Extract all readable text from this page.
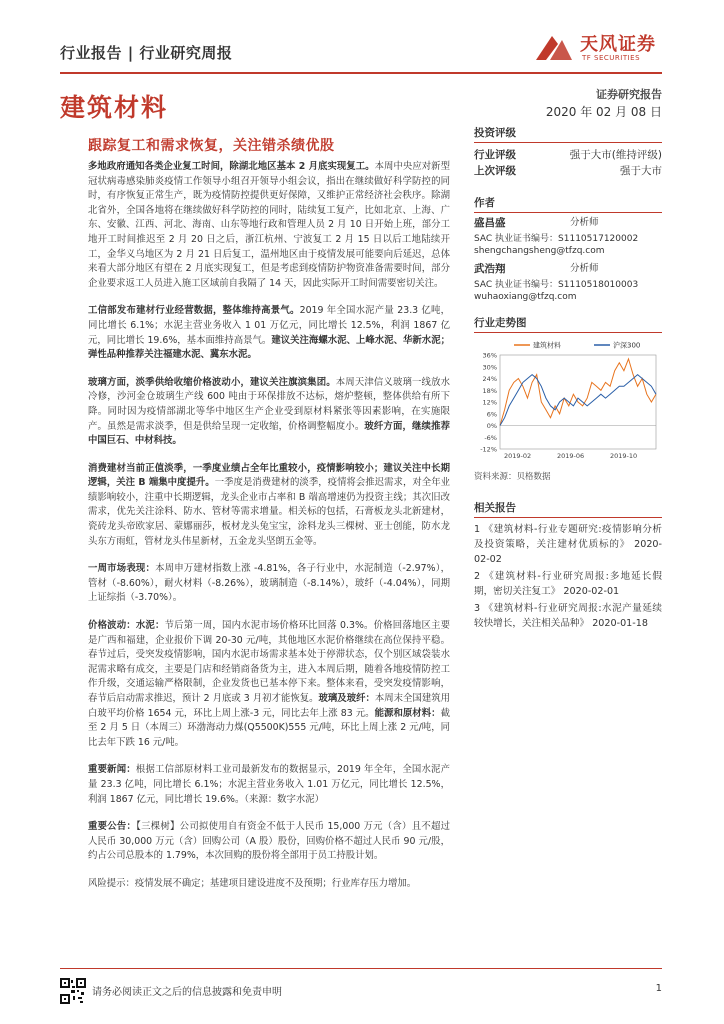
行业报告 | 行业研究周报	天风证券
TF SECURITIES
建筑材料	证券研究报告
2020 年 02 月 08 日
跟踪复工和需求恢复，关注错杀绩优股

多地政府通知各类企业复工时间，除湖北地区基本 2 月底实现复工。本周中央应对新型冠状病毒感染肺炎疫情工作领导小组召开领导小组会议，指出在继续做好科学防控的同时，有序恢复正常生产，既为疫情防控提供更好保障，又维护正常经济社会秩序。除湖北省外，全国各地将在继续做好科学防控的同时，陆续复工复产，比如北京、上海、广东、安徽、江西、河北、海南、山东等地行政和管理人员 2 月 10 日开始上班，部分工地开工时间推迟至 2 月 20 日之后，浙江杭州、宁波复工 2 月 15 日以后工地陆续开工，金华义乌地区为 2 月 21 日后复工，温州地区由于疫情发展可能要向后延迟，总体来看大部分地区有望在 2 月底实现复工，但是考虑到疫情防护物资准备需要时间，部分企业要求返工人员进入施工区域前自我隔了 14 天，因此实际开工时间需要密切关注。

工信部发布建材行业经营数据，整体维持高景气。2019 年全国水泥产量 23.3 亿吨，同比增长 6.1%；水泥主营业务收入 1 01 万亿元，同比增长 12.5%，利润 1867 亿元，同比增长 19.6%，基本面维持高景气。建议关注海螺水泥、上峰水泥、华新水泥；弹性品种推荐关注福建水泥、冀东水泥。

玻璃方面，淡季供给收缩价格波动小，建议关注旗滨集团。本周天津信义玻璃一线放水冷修，沙河金仓玻璃生产线 600 吨由于环保排放不达标，熔炉整顿，整体供给有所下降。同时因为疫情部湖北等华中地区生产企业受到原材料紧张等因素影响，在实施限产。虽然是需求淡季，但是供给呈现一定收缩，价格调整幅度小。玻纤方面，继续推荐中国巨石、中材科技。

消费建材当前正值淡季，一季度业绩占全年比重较小，疫情影响较小；建议关注中长期逻辑，关注 B 端集中度提升。一季度是消费建材的淡季，疫情将会推迟需求，对全年业绩影响较小，注重中长期逻辑，龙头企业市占率和 B 端高增速仍为投资主线；其次旧改需求，优先关注涂料、防水、管材等需求增量。相关标的包括，石膏板龙头北新建材，瓷砖龙头帝欧家居、蒙娜丽莎，板材龙头兔宝宝，涂料龙头三棵树、亚士创能，防水龙头东方雨虹，管材龙头伟星新材，五金龙头坚朗五金等。

一周市场表现：本周申万建材指数上涨 -4.81%，各子行业中，水泥制造（-2.97%），管材（-8.60%），耐火材料（-8.26%），玻璃制造（-8.14%），玻纤（-4.04%），同期上证综指（-3.70%）。

价格波动：水泥：节后第一周，国内水泥市场价格环比回落 0.3%。价格回落地区主要是广西和福建，企业报价下调 20-30 元/吨，其他地区水泥价格继续在高位保持平稳。春节过后，受突发疫情影响，国内水泥市场需求基本处于停滞状态，仅个别区域袋装水泥需求略有成交，主要是门店和经销商备货为主，进入本周后期，随着各地疫情防控工作升级，交通运输严格限制，企业发货也已基本停下来。整体来看，受突发疫情影响，春节后启动需求推迟，预计 2 月底或 3 月初才能恢复。玻璃及玻纤：本周末全国建筑用白玻平均价格 1654 元，环比上周上涨-3 元，同比去年上涨 83 元。能源和原材料：截至 2 月 5 日（本周三）环渤海动力煤(Q5500K)555 元/吨，环比上周上涨 2 元/吨，同比去年下跌 16 元/吨。

重要新闻：根据工信部原材料工业司最新发布的数据显示，2019 年全年，全国水泥产量 23.3 亿吨，同比增长 6.1%；水泥主营业务收入 1.01 万亿元，同比增长 12.5%，利润 1867 亿元，同比增长 19.6%。（来源：数字水泥）

重要公告：【三棵树】公司拟使用自有资金不低于人民币 15,000 万元（含）且不超过人民币 30,000 万元（含）回购公司（A 股）股份，回购价格不超过人民币 90 元/股，约占公司总股本的 1.79%，本次回购的股份将全部用于员工持股计划。

风险提示：疫情发展不确定；基建项目建设进度不及预期；行业库存压力增加。

投资评级
行业评级	强于大市(维持评级)
上次评级	强于大市
作者
盛昌盛	分析师
SAC 执业证书编号：S1110517120002
shengchangsheng@tfzq.com
武浩翔	分析师
SAC 执业证书编号：S1110518010003
wuhaoxiang@tfzq.com
行业走势图
36%
30%
24%
18%
12%
6%
0%
-6%
-12%
2019-02	2019-06	2019-10
建筑材料	沪深300
资料来源：贝格数据
相关报告
1 《建筑材料-行业专题研究:疫情影响分析及投资策略，关注建材优质标的》 2020-02-02
2 《建筑材料-行业研究周报:多地延长假期，密切关注复工》 2020-02-01
3 《建筑材料-行业研究周报:水泥产量延续较快增长，关注相关品种》 2020-01-18
请务必阅读正文之后的信息披露和免责申明	1
